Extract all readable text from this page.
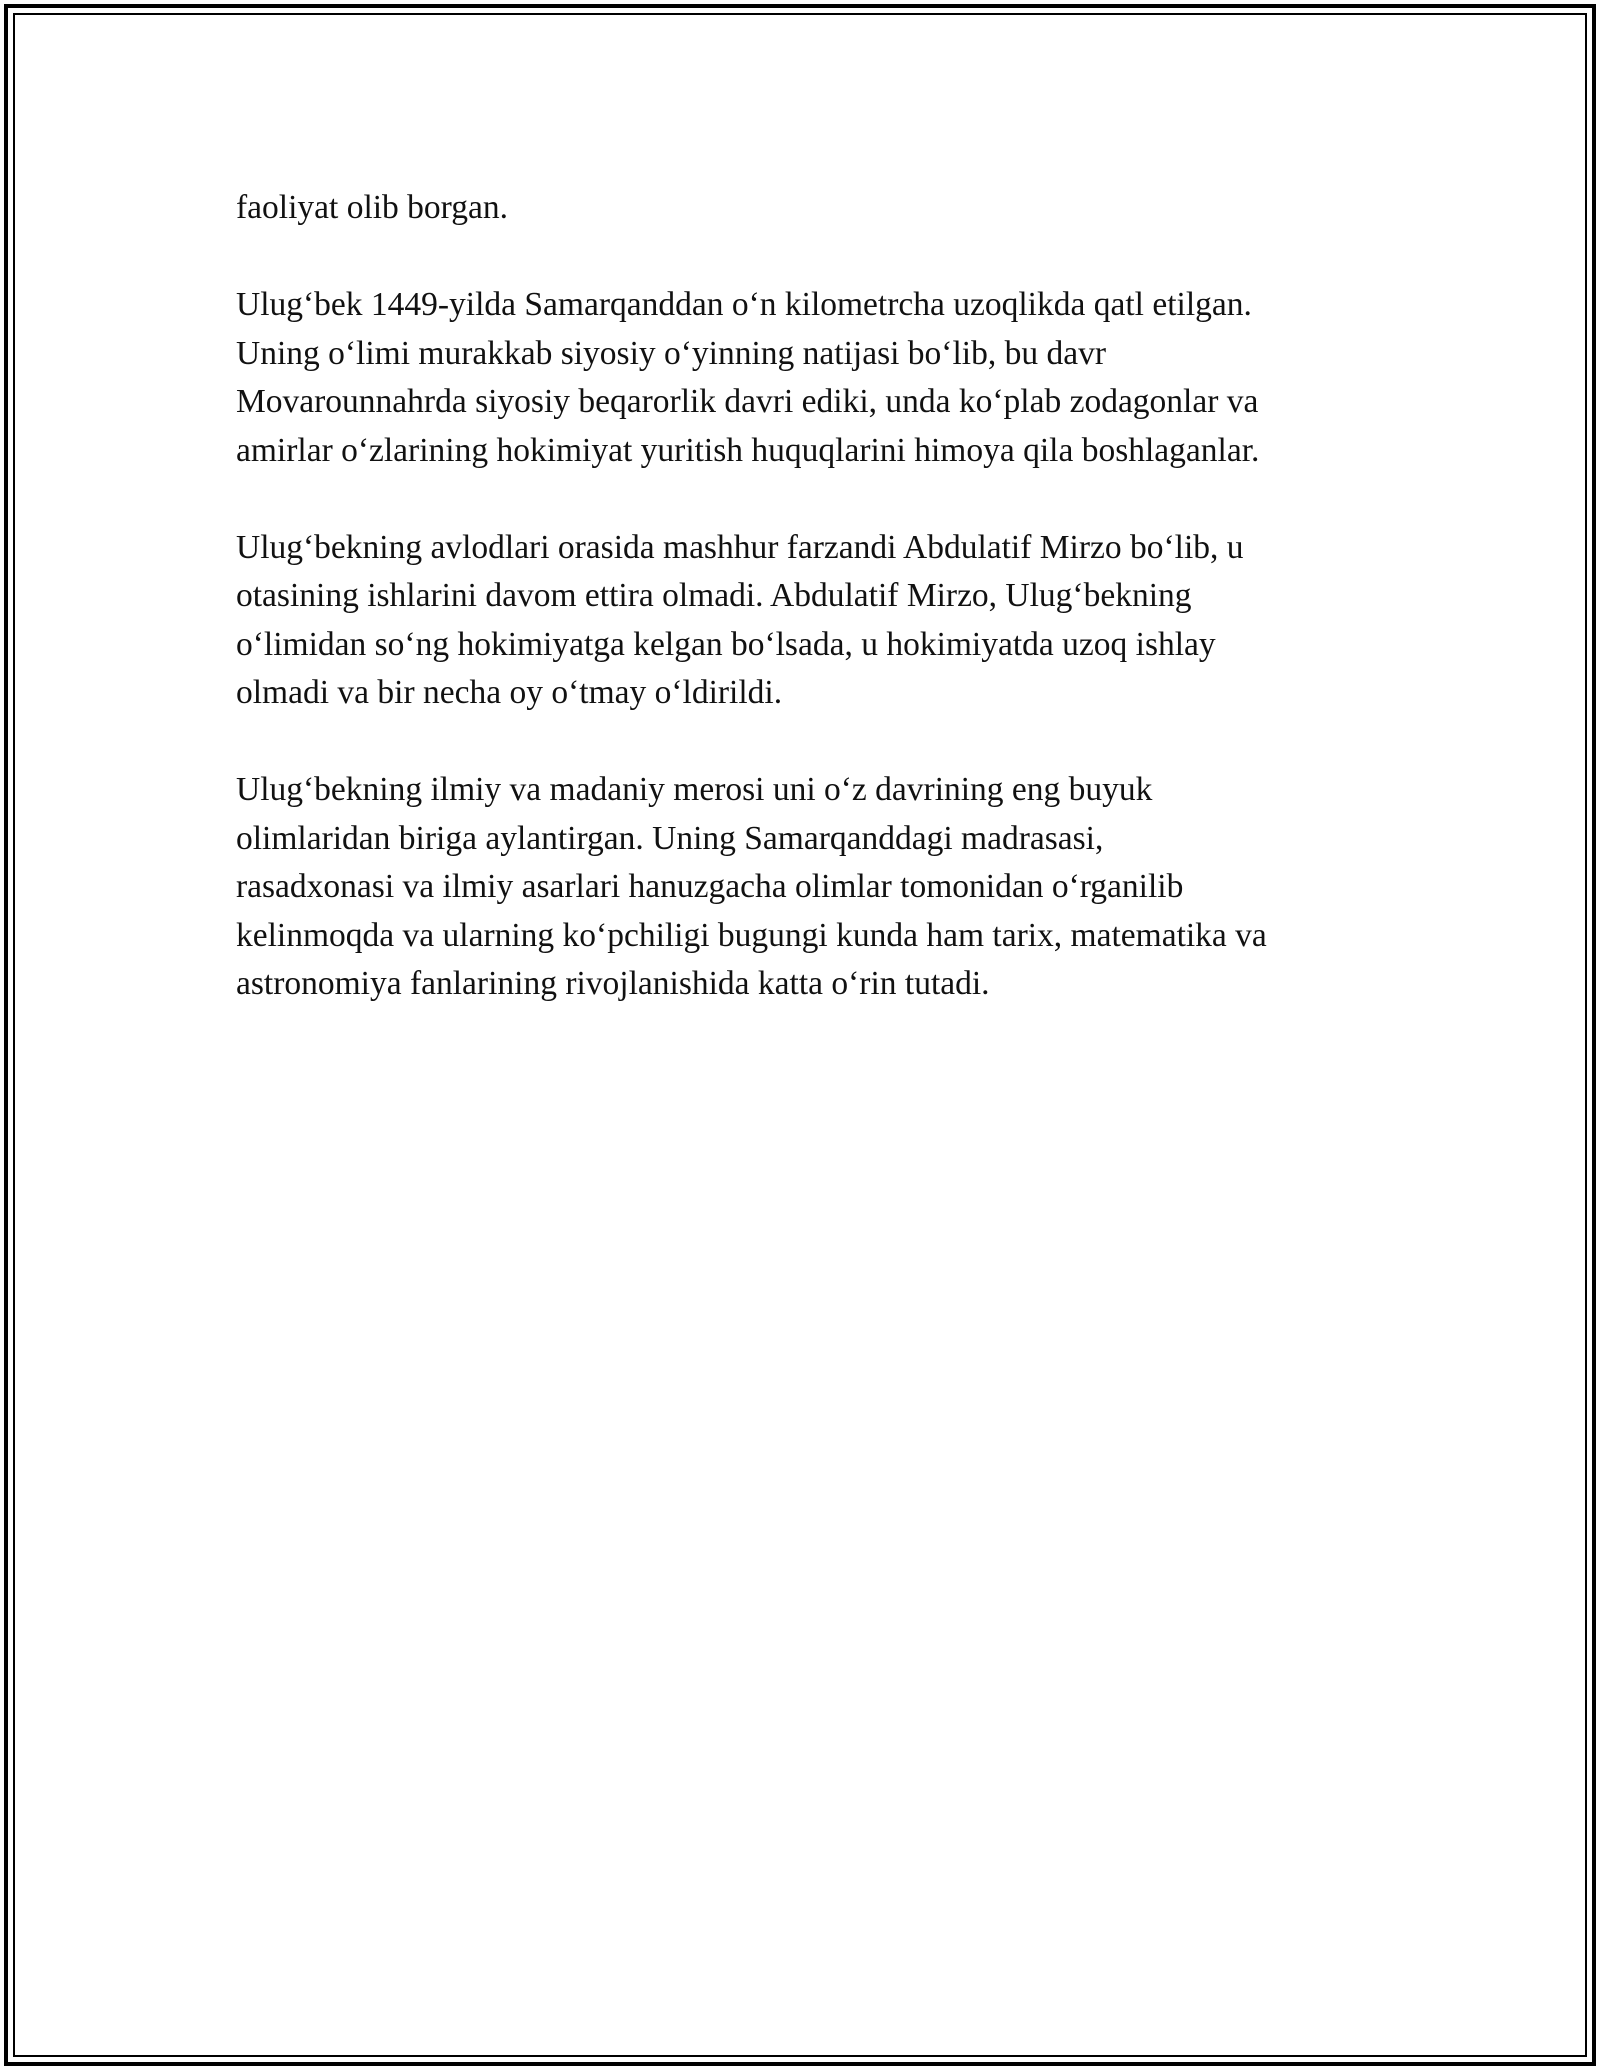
faoliyat olib borgan.

Ulug‘bek 1449-yilda Samarqanddan o‘n kilometrcha uzoqlikda qatl etilgan.
Uning o‘limi murakkab siyosiy o‘yinning natijasi bo‘lib, bu davr
Movarounnahrda siyosiy beqarorlik davri ediki, unda ko‘plab zodagonlar va
amirlar o‘zlarining hokimiyat yuritish huquqlarini himoya qila boshlaganlar.

Ulug‘bekning avlodlari orasida mashhur farzandi Abdulatif Mirzo bo‘lib, u
otasining ishlarini davom ettira olmadi. Abdulatif Mirzo, Ulug‘bekning
o‘limidan so‘ng hokimiyatga kelgan bo‘lsada, u hokimiyatda uzoq ishlay
olmadi va bir necha oy o‘tmay o‘ldirildi.

Ulug‘bekning ilmiy va madaniy merosi uni o‘z davrining eng buyuk
olimlaridan biriga aylantirgan. Uning Samarqanddagi madrasasi,
rasadxonasi va ilmiy asarlari hanuzgacha olimlar tomonidan o‘rganilib
kelinmoqda va ularning ko‘pchiligi bugungi kunda ham tarix, matematika va
astronomiya fanlarining rivojlanishida katta o‘rin tutadi.
